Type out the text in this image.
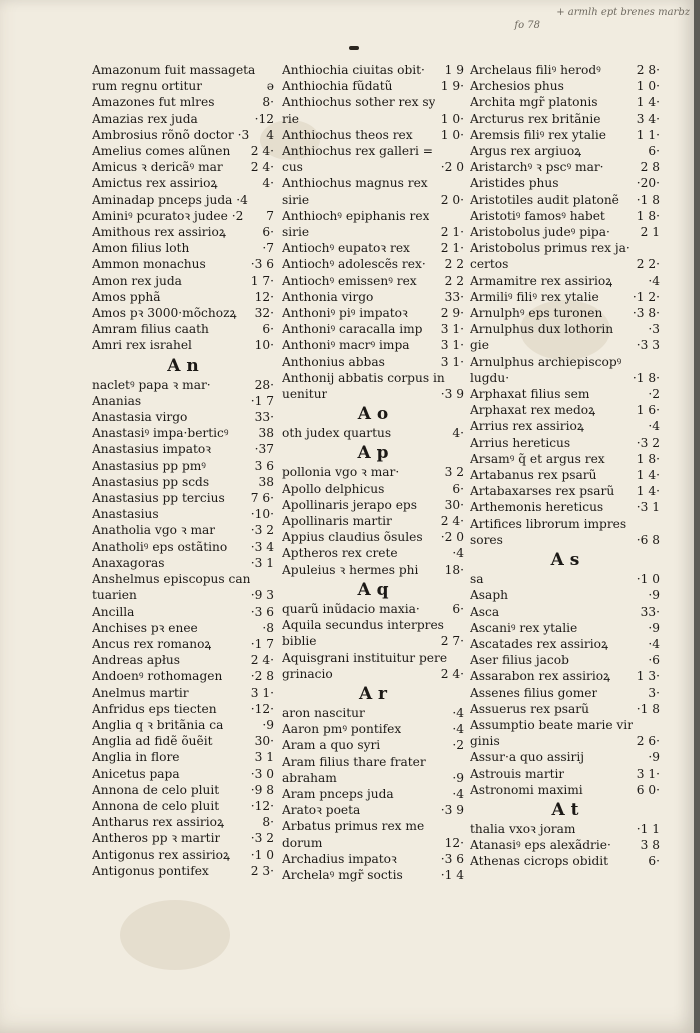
+ armlh ept brenes marbz
fo 78
Amazonum fuit massageta
rum regnu ortitur	ə
Amazones fut mlres	8·
Amazias rex juda	·12
Ambrosius rõnõ doctor ·3 4
Amelius comes alũnen 2 4·
Amicus ꝛ dericãꝰ mar 2 4·
Amictus rex assirioꝝ	4·
Aminadap pnceps juda ·4
Aminiꝰ pcuratoꝛ judee ·2 7
Amithous rex assirioꝝ	6·
Amon filius loth	·7
Ammon monachus	·3 6
Amon rex juda	1 7·
Amos pphã	12·
Amos pꝛ 3000·mõchozꝝ 32·
Amram filius caath	6·
Amri rex israhel	10·
A n
nacletꝰ papa ꝛ mar·	28·
Ananias	·1 7
Anastasia virgo	33·
Anastasiꝰ impa·berticꝰ 38
Anastasius impatoꝛ	·37
Anastasius pp pmꝰ	3 6
Anastasius pp scds	38
Anastasius pp tercius 7 6·
Anastasius	·10·
Anatholia vgo ꝛ mar	·3 2
Anatholiꝰ eps ostãtino ·3 4
Anaxagoras	·3 1
Anshelmus episcopus can
tuarien	·9 3
Ancilla	·3 6
Anchises pꝛ enee	·8
Ancus rex romanoꝝ	·1 7
Andreas apłus	2 4·
Andoenꝰ rothomagen ·2 8
Anelmus martir	3 1·
Anfridus eps tiecten	·12·
Anglia q ꝛ britãnia ca	·9
Anglia ad fidẽ õuẽit	30·
Anglia in flore	3 1
Anicetus papa	·3 0
Annona de celo pluit	·9 8
Annona de celo pluit	·12·
Antharus rex assirioꝝ	8·
Antheros pp ꝛ martir ·3 2
Antigonus rex assirioꝝ ·1 0
Antigonus pontifex	2 3·
Anthiochia ciuitas obit· 1 9
Anthiochia fũdatũ	1 9·
Anthiochus sother rex sy
rie	1 0·
Anthiochus theos rex 1 0·
Anthiochus rex galleri =
cus	·2 0
Anthiochus magnus rex
sirie	2 0·
Anthiochꝰ epiphanis rex
sirie	2 1·
Antiochꝰ eupatoꝛ rex	2 1·
Antiochꝰ adolescẽs rex· 2 2
Antiochꝰ emissenꝰ rex 2 2
Anthonia virgo	33·
Anthoniꝰ piꝰ impatoꝛ	2 9·
Anthoniꝰ caracalla imp 3 1·
Anthoniꝰ macrꝰ impa	3 1·
Anthonius abbas	3 1·
Anthonij abbatis corpus in
uenitur	·3 9
A o
oth judex quartus	4·
A p
pollonia vgo ꝛ mar·	3 2
Apollo delphicus	6·
Apollinaris jerapo eps 30·
Apollinaris martir	2 4·
Appius claudius õsules ·2 0
Aptheros rex crete	·4
Apuleius ꝛ hermes phi 18·
A q
quarũ inũdacio maxia·	6·
Aquila secundus interpres
biblie	2 7·
Aquisgrani instituitur pere
grinacio	2 4·
A r
aron nascitur	·4
Aaron pmꝰ pontifex	·4
Aram a quo syri	·2
Aram filius thare frater
abraham	·9
Aram pnceps juda	·4
Aratoꝛ poeta	·3 9
Arbatus primus rex me
dorum	12·
Archadius impatoꝛ	·3 6
Archelaꝰ mgr̃ soctis	·1 4
Archelaus filiꝰ herodꝰ	2 8·
Archesios phus	1 0·
Archita mgr̃ platonis	1 4·
Arcturus rex britãnie	3 4·
Aremsis filiꝰ rex ytalie	1 1·
Argus rex argiuoꝝ	6·
Aristarchꝰ ꝛ pscꝰ mar·	2 8
Aristides phus	·20·
Aristotiles audit platonẽ ·1 8
Aristotiꝰ famosꝰ habet	1 8·
Aristobolus judeꝰ pipa·	2 1
Aristobolus primus rex ja·
certos	2 2·
Armamitre rex assirioꝝ	·4
Armiliꝰ filiꝰ rex ytalie	·1 2·
Arnulphꝰ eps turonen ·3 8·
Arnulphus dux lothorin	·3
gie	·3 3
Arnulphus archiepiscopꝰ
lugdu·	·1 8·
Arphaxat filius sem	·2
Arphaxat rex medoꝝ	1 6·
Arrius rex assirioꝝ	·4
Arrius hereticus	·3 2
Arsamꝰ q̃ et argus rex	1 8·
Artabanus rex psarũ	1 4·
Artabaxarses rex psarũ 1 4·
Arthemonis hereticus	·3 1
Artifices librorum impres
sores	·6 8
A s
sa	·1 0
Asaph	·9
Asca	33·
Ascaniꝰ rex ytalie	·9
Ascatades rex assirioꝝ	·4
Aser filius jacob	·6
Assarabon rex assirioꝝ 1 3·
Assenes filius gomer	3·
Assuerus rex psarũ	·1 8
Assumptio beate marie vir
ginis	2 6·
Assur·a quo assirij	·9
Astrouis martir	3 1·
Astronomi maximi	6 0·
A t
thalia vxoꝛ joram	·1 1
Atanasiꝰ eps alexãdrie· 3 8
Athenas cicrops obidit	6·
